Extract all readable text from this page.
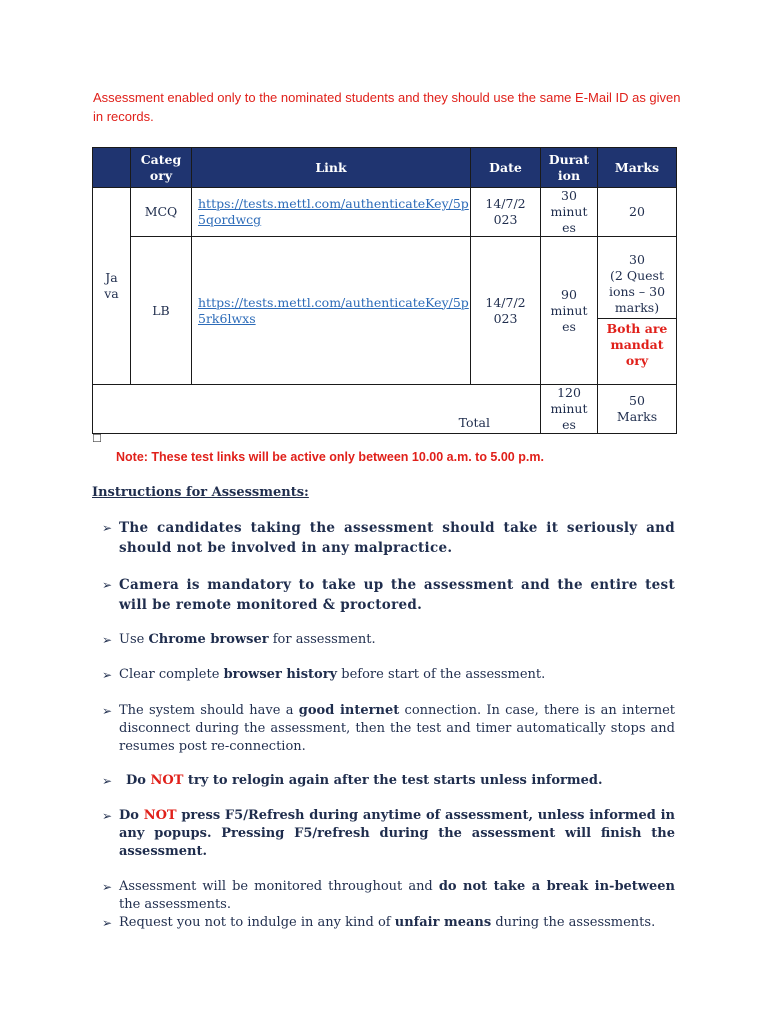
Assessment enabled only to the nominated students and they should use the same E-Mail ID as given in records.
	Categ ory	Link	Date	Durat ion	Marks
Ja va	MCQ	https://tests.mettl.com/authenticateKey/5p5qordwcg	14/7/2 023	30 minut es	20
	LB	https://tests.mettl.com/authenticateKey/5p5rk6lwxs	14/7/2 023	90 minut es	30
(2 Quest ions – 30 marks)
Both are mandat ory

Total				120 minut es	50 Marks
☐
Note: These test links will be active only between 10.00 a.m. to 5.00 p.m.
Instructions for Assessments:
➢ The candidates taking the assessment should take it seriously and should not be involved in any malpractice.
➢ Camera is mandatory to take up the assessment and the entire test will be remote monitored & proctored.
➢ Use Chrome browser for assessment.
➢ Clear complete browser history before start of the assessment.
➢ The system should have a good internet connection. In case, there is an internet disconnect during the assessment, then the test and timer automatically stops and resumes post re-connection.
➢	Do NOT try to relogin again after the test starts unless informed.
➢ Do NOT press F5/Refresh during anytime of assessment, unless informed in any popups. Pressing F5/refresh during the assessment will finish the assessment.
➢ Assessment will be monitored throughout and do not take a break in-between the assessments.
➢ Request you not to indulge in any kind of unfair means during the assessments.
